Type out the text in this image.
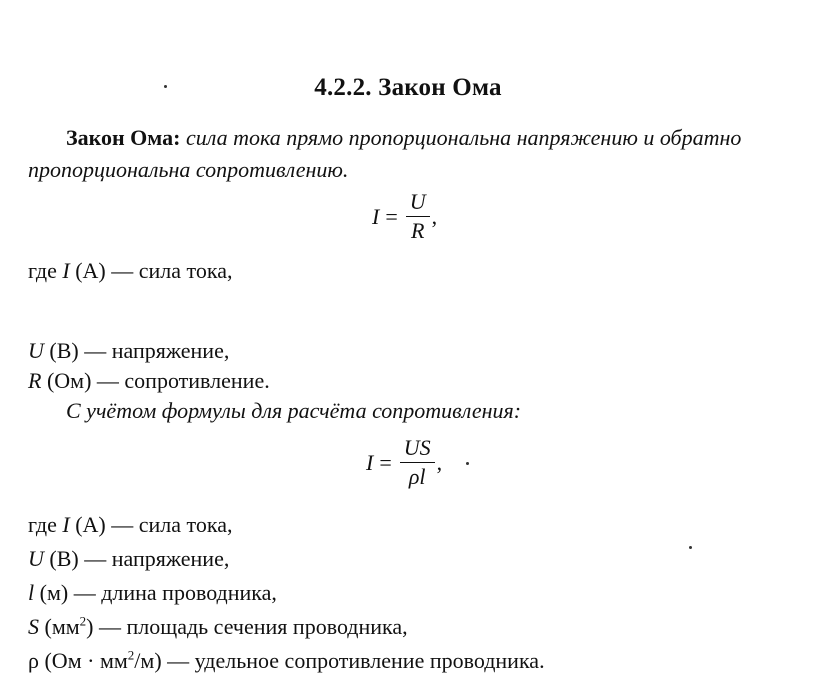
4.2.2. Закон Ома
Закон Ома: сила тока прямо пропорциональна напряжению и обратно пропорциональна сопротивлению.
$I = \frac{U}{R}$ ,
где I (А) — сила тока,
U (В) — напряжение,
R (Ом) — сопротивление.
С учётом формулы для расчёта сопротивления:
$I = \frac{US}{\rho l}$ ,
где I (А) — сила тока,
U (В) — напряжение,
l (м) — длина проводника,
S $(мм^2)$ — площадь сечения проводника,
ρ $(Ом \cdot мм^2/м)$ — удельное сопротивление проводника.
